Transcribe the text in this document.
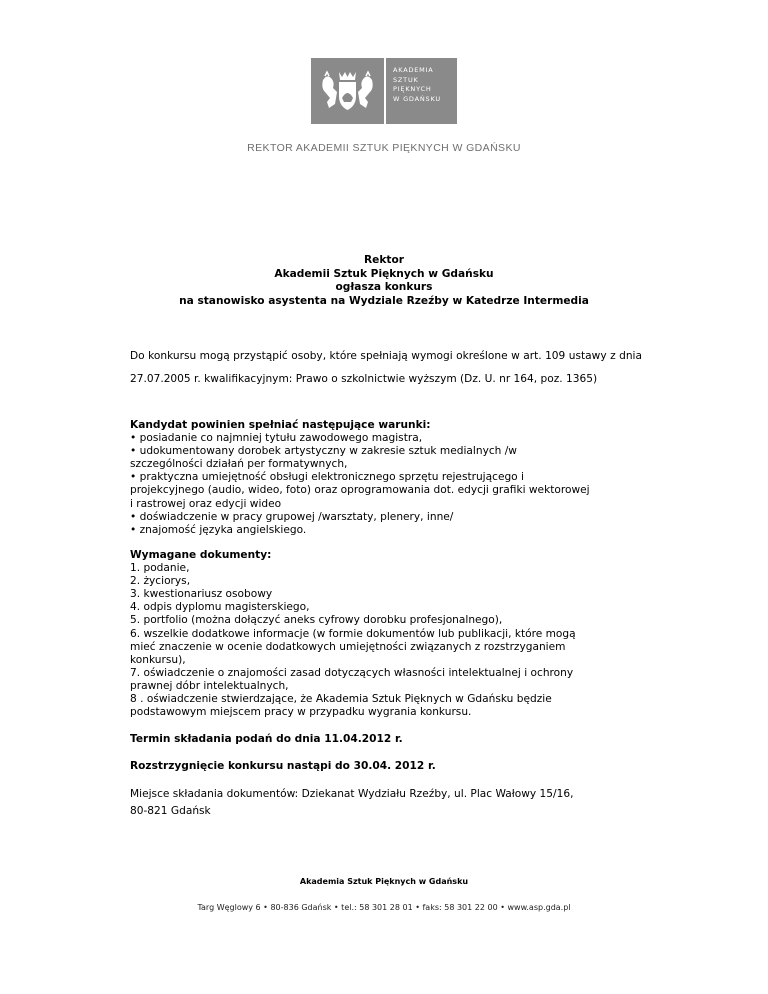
AKADEMIA
SZTUK
PIĘKNYCH
W GDAŃSKU
REKTOR AKADEMII SZTUK PIĘKNYCH W GDAŃSKU
Rektor
Akademii Sztuk Pięknych w Gdańsku
ogłasza konkurs
na stanowisko asystenta na Wydziale Rzeźby w Katedrze Intermedia
Do konkursu mogą przystąpić osoby, które spełniają wymogi określone w art. 109 ustawy z dnia 27.07.2005 r. kwalifikacyjnym: Prawo o szkolnictwie wyższym (Dz. U. nr 164, poz. 1365)
Kandydat powinien spełniać następujące warunki:
• posiadanie co najmniej tytułu zawodowego magistra,
• udokumentowany dorobek artystyczny w zakresie sztuk medialnych /w
szczególności działań per formatywnych,
• praktyczna umiejętność obsługi elektronicznego sprzętu rejestrującego i
projekcyjnego (audio, wideo, foto) oraz oprogramowania dot. edycji grafiki wektorowej
i rastrowej oraz edycji wideo
• doświadczenie w pracy grupowej /warsztaty, plenery, inne/
• znajomość języka angielskiego.
Wymagane dokumenty:
1. podanie,
2. życiorys,
3. kwestionariusz osobowy
4. odpis dyplomu magisterskiego,
5. portfolio (można dołączyć aneks cyfrowy dorobku profesjonalnego),
6. wszelkie dodatkowe informacje (w formie dokumentów lub publikacji, które mogą
mieć znaczenie w ocenie dodatkowych umiejętności związanych z rozstrzyganiem
konkursu),
7. oświadczenie o znajomości zasad dotyczących własności intelektualnej i ochrony
prawnej dóbr intelektualnych,
8 . oświadczenie stwierdzające, że Akademia Sztuk Pięknych w Gdańsku będzie
podstawowym miejscem pracy w przypadku wygrania konkursu.
Termin składania podań do dnia 11.04.2012 r.
Rozstrzygnięcie konkursu nastąpi do 30.04. 2012 r.
Miejsce składania dokumentów: Dziekanat Wydziału Rzeźby, ul. Plac Wałowy 15/16,
80-821 Gdańsk
Akademia Sztuk Pięknych w Gdańsku
Targ Węglowy 6 • 80-836 Gdańsk • tel.: 58 301 28 01 • faks: 58 301 22 00 • www.asp.gda.pl
